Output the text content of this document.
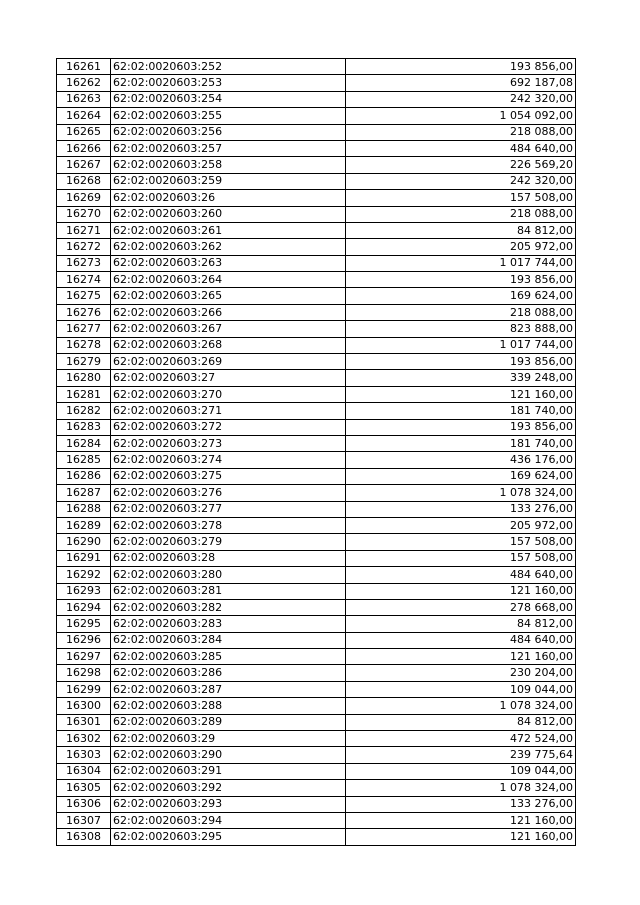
16261	62:02:0020603:252	193 856,00
16262	62:02:0020603:253	692 187,08
16263	62:02:0020603:254	242 320,00
16264	62:02:0020603:255	1 054 092,00
16265	62:02:0020603:256	218 088,00
16266	62:02:0020603:257	484 640,00
16267	62:02:0020603:258	226 569,20
16268	62:02:0020603:259	242 320,00
16269	62:02:0020603:26	157 508,00
16270	62:02:0020603:260	218 088,00
16271	62:02:0020603:261	84 812,00
16272	62:02:0020603:262	205 972,00
16273	62:02:0020603:263	1 017 744,00
16274	62:02:0020603:264	193 856,00
16275	62:02:0020603:265	169 624,00
16276	62:02:0020603:266	218 088,00
16277	62:02:0020603:267	823 888,00
16278	62:02:0020603:268	1 017 744,00
16279	62:02:0020603:269	193 856,00
16280	62:02:0020603:27	339 248,00
16281	62:02:0020603:270	121 160,00
16282	62:02:0020603:271	181 740,00
16283	62:02:0020603:272	193 856,00
16284	62:02:0020603:273	181 740,00
16285	62:02:0020603:274	436 176,00
16286	62:02:0020603:275	169 624,00
16287	62:02:0020603:276	1 078 324,00
16288	62:02:0020603:277	133 276,00
16289	62:02:0020603:278	205 972,00
16290	62:02:0020603:279	157 508,00
16291	62:02:0020603:28	157 508,00
16292	62:02:0020603:280	484 640,00
16293	62:02:0020603:281	121 160,00
16294	62:02:0020603:282	278 668,00
16295	62:02:0020603:283	84 812,00
16296	62:02:0020603:284	484 640,00
16297	62:02:0020603:285	121 160,00
16298	62:02:0020603:286	230 204,00
16299	62:02:0020603:287	109 044,00
16300	62:02:0020603:288	1 078 324,00
16301	62:02:0020603:289	84 812,00
16302	62:02:0020603:29	472 524,00
16303	62:02:0020603:290	239 775,64
16304	62:02:0020603:291	109 044,00
16305	62:02:0020603:292	1 078 324,00
16306	62:02:0020603:293	133 276,00
16307	62:02:0020603:294	121 160,00
16308	62:02:0020603:295	121 160,00
